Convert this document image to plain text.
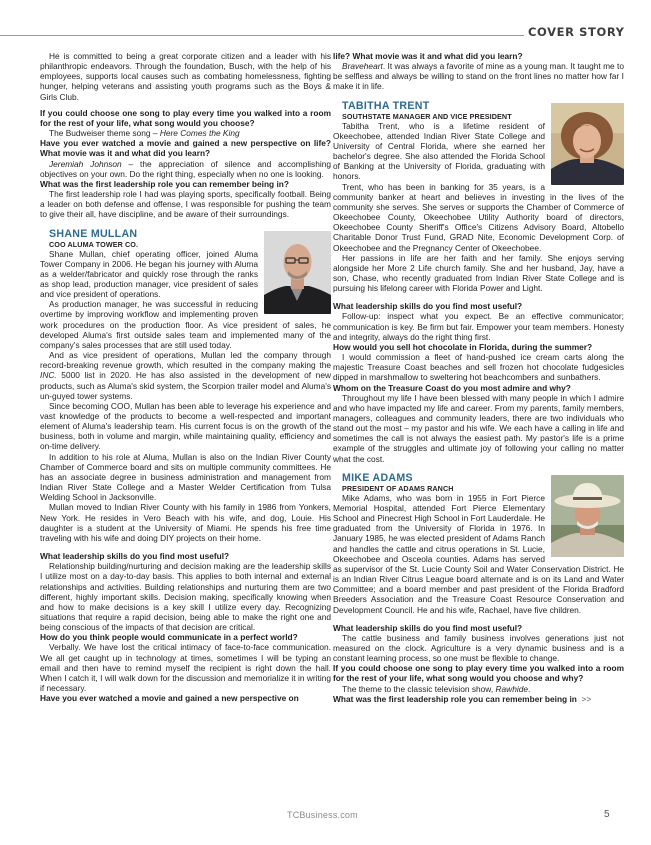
COVER STORY

He is committed to being a great corporate citizen and a leader with his philanthropic endeavors. Through the foundation, Busch, with the help of his employees, supports local causes such as combating homelessness, fighting hunger, helping veterans and assisting youth programs such as the Boys & Girls Club.

If you could choose one song to play every time you walked into a room for the rest of your life, what song would you choose?

The Budweiser theme song – Here Comes the King

Have you ever watched a movie and gained a new perspective on life? What movie was it and what did you learn?

Jeremiah Johnson – the appreciation of silence and accomplishing objectives on your own. Do the right thing, especially when no one is looking.

What was the first leadership role you can remember being in?

The first leadership role I had was playing sports, specifically football. Being a leader on both defense and offense, I was responsible for pushing the team to give their all, have discipline, and be aware of their surroundings.

SHANE MULLAN

COO ALUMA TOWER CO.

Shane Mullan, chief operating officer, joined Aluma Tower Company in 2006. He began his journey with Aluma as a welder/fabricator and quickly rose through the ranks as shop lead, production manager, vice president of sales and vice president of operations.

As production manager, he was successful in reducing overtime by improving workflow and implementing proven work procedures on the production floor. As vice president of sales, he developed Aluma's first outside sales team and implemented many of the company's sales processes that are still used today.

And as vice president of operations, Mullan led the company through record-breaking revenue growth, which resulted in the company making the INC. 5000 list in 2020. He has also assisted in the development of new products, such as Aluma's skid system, the Scorpion trailer model and Aluma's un-guyed tower systems.

Since becoming COO, Mullan has been able to leverage his experience and vast knowledge of the products to become a well-respected and important element of Aluma's leadership team. His current focus is on the growth of the business, both in volume and margin, while maintaining quality, efficiency and on-time delivery.

In addition to his role at Aluma, Mullan is also on the Indian River County Chamber of Commerce board and sits on multiple community committees. He has an associate degree in business administration and management from Indian River State College and a Master Welder Certification from Tulsa Welding School in Jacksonville.

Mullan moved to Indian River County with his family in 1986 from Yonkers, New York. He resides in Vero Beach with his wife, and dog, Louie. His daughter is a student at the University of Miami. He spends his free time traveling with his wife and doing DIY projects on their home.

What leadership skills do you find most useful?

Relationship building/nurturing and decision making are the leadership skills I utilize most on a day-to-day basis. This applies to both internal and external relationships and activities. Building relationships and nurturing them are two different, highly important skills. Decision making, specifically knowing when and how to make decisions is a key skill I utilize every day. Recognizing situations that require a rapid decision, being able to make the right one and being conscious of the impacts of that decision are critical.

How do you think people would communicate in a perfect world?

Verbally. We have lost the critical intimacy of face-to-face communication. We all get caught up in technology at times, sometimes I will be typing an email and then have to remind myself the recipient is right down the hall. When I catch it, I will walk down for the discussion and memorialize it in writing if necessary.

Have you ever watched a movie and gained a new perspective on

life? What movie was it and what did you learn?

Braveheart. It was always a favorite of mine as a young man. It taught me to be selfless and always be willing to stand on the front lines no matter how far I make it in life.

TABITHA TRENT

SOUTHSTATE MANAGER AND VICE PRESIDENT

Tabitha Trent, who is a lifetime resident of Okeechobee, attended Indian River State College and University of Central Florida, where she earned her bachelor's degree. She also attended the Florida School of Banking at the University of Florida, graduating with honors.

Trent, who has been in banking for 35 years, is a community banker at heart and believes in investing in the lives of the community she serves. She serves or supports the Chamber of Commerce of Okeechobee County, Okeechobee Utility Authority board of directors, Okeechobee County Sheriff's Office's Citizens Advisory Board, Altobello Charitable Donor Trust Fund, GRAD Nite, Economic Development Corp. of Okeechobee and the Pregnancy Center of Okeechobee.

Her passions in life are her faith and her family. She enjoys serving alongside her More 2 Life church family. She and her husband, Jay, have a son, Chase, who recently graduated from Indian River State College and is pursuing his lifelong career with Florida Power and Light.

What leadership skills do you find most useful?

Follow-up: inspect what you expect. Be an effective communicator; communication is key. Be firm but fair. Empower your team members. Honesty and integrity, always do the right thing first.

How would you sell hot chocolate in Florida, during the summer?

I would commission a fleet of hand-pushed ice cream carts along the majestic Treasure Coast beaches and sell frozen hot chocolate fudgesicles dipped in marshmallow to sweltering hot beachcombers and sunbathers.

Whom on the Treasure Coast do you most admire and why?

Throughout my life I have been blessed with many people in which I admire and who have impacted my life and career. From my parents, family members, managers, colleagues and community leaders, there are two individuals who stand out the most – my pastor and his wife. We each have a calling in life and sometimes the call is not always the easiest path. My pastor's life is a prime example of the struggles and ultimate joy of following your calling no matter what the cost.

MIKE ADAMS

PRESIDENT OF ADAMS RANCH

Mike Adams, who was born in 1955 in Fort Pierce Memorial Hospital, attended Fort Pierce Elementary School and Pinecrest High School in Fort Lauderdale. He graduated from the University of Florida in 1976. In January 1985, he was elected president of Adams Ranch and handles the cattle and citrus operations in St. Lucie, Okeechobee and Osceola counties. Adams has served as supervisor of the St. Lucie County Soil and Water Conservation District. He is an Indian River Citrus League board alternate and is on its Land and Water Committee; and a board member and past president of the Florida Bradford Breeders Association and the Treasure Coast Resource Conservation and Development Council. He and his wife, Rachael, have five children.

What leadership skills do you find most useful?

The cattle business and family business involves generations just not measured on the clock. Agriculture is a very dynamic business and is a constant learning process, so one must be flexible to change.

If you could choose one song to play every time you walked into a room for the rest of your life, what song would you choose and why?

The theme to the classic television show, Rawhide.

What was the first leadership role you can remember being in >>

TCBusiness.com	5
